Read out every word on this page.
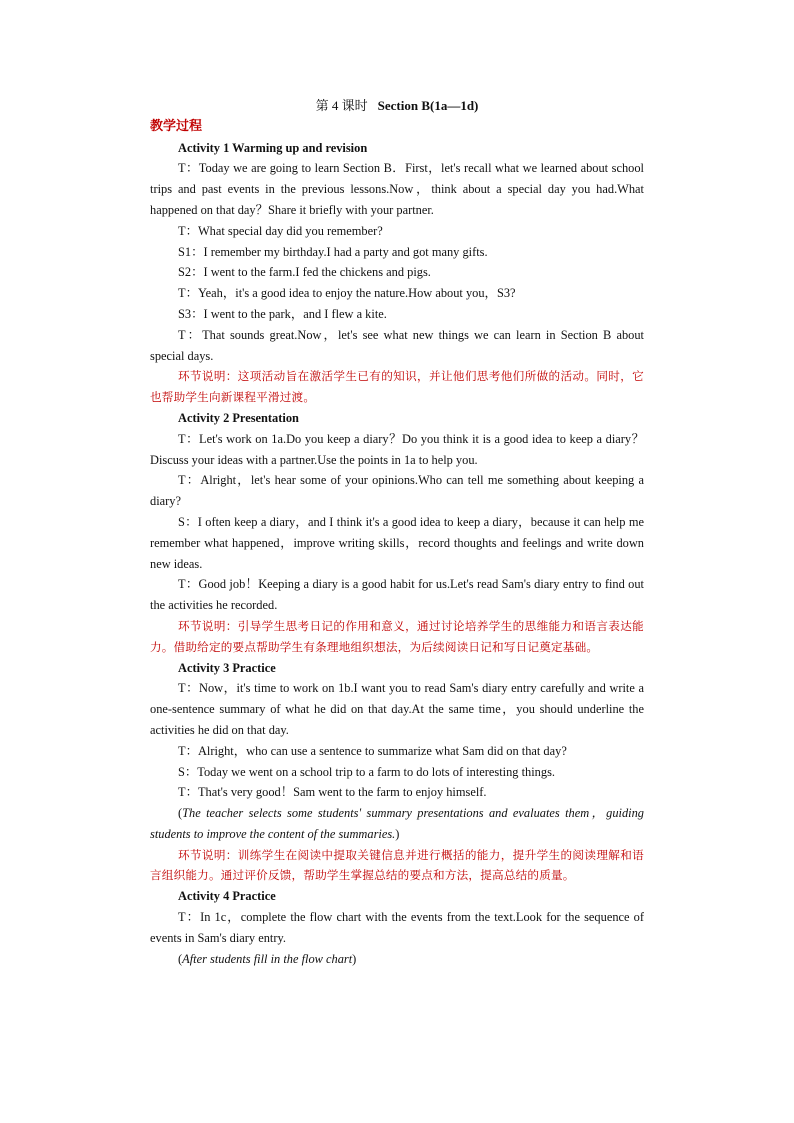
第 4 课时 Section B(1a—1d)
教学过程
Activity 1 Warming up and revision

T：Today we are going to learn Section B．First，let's recall what we learned about school trips and past events in the previous lessons.Now，think about a special day you had.What happened on that day？Share it briefly with your partner.

T：What special day did you remember?

S1：I remember my birthday.I had a party and got many gifts.

S2：I went to the farm.I fed the chickens and pigs.

T：Yeah，it's a good idea to enjoy the nature.How about you，S3?

S3：I went to the park，and I flew a kite.

T：That sounds great.Now，let's see what new things we can learn in Section B about special days.

环节说明：这项活动旨在激活学生已有的知识，并让他们思考他们所做的活动。同时，它也帮助学生向新课程平滑过渡。

Activity 2 Presentation

T：Let's work on 1a.Do you keep a diary？Do you think it is a good idea to keep a diary？Discuss your ideas with a partner.Use the points in 1a to help you.

T：Alright，let's hear some of your opinions.Who can tell me something about keeping a diary?

S：I often keep a diary，and I think it's a good idea to keep a diary，because it can help me remember what happened，improve writing skills，record thoughts and feelings and write down new ideas.

T：Good job！Keeping a diary is a good habit for us.Let's read Sam's diary entry to find out the activities he recorded.

环节说明：引导学生思考日记的作用和意义，通过讨论培养学生的思维能力和语言表达能力。借助给定的要点帮助学生有条理地组织想法，为后续阅读日记和写日记奠定基础。

Activity 3 Practice

T：Now，it's time to work on 1b.I want you to read Sam's diary entry carefully and write a one-sentence summary of what he did on that day.At the same time，you should underline the activities he did on that day.

T：Alright，who can use a sentence to summarize what Sam did on that day?

S：Today we went on a school trip to a farm to do lots of interesting things.

T：That's very good！Sam went to the farm to enjoy himself.

(The teacher selects some students' summary presentations and evaluates them，guiding students to improve the content of the summaries.)

环节说明：训练学生在阅读中提取关键信息并进行概括的能力，提升学生的阅读理解和语言组织能力。通过评价反馈，帮助学生掌握总结的要点和方法，提高总结的质量。

Activity 4 Practice

T：In 1c，complete the flow chart with the events from the text.Look for the sequence of events in Sam's diary entry.

(After students fill in the flow chart)
